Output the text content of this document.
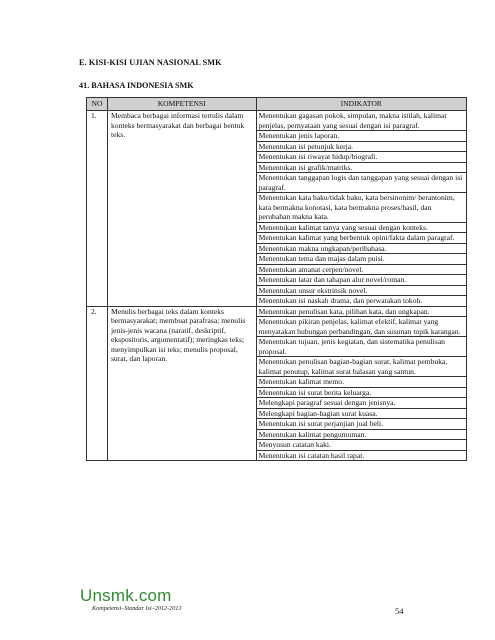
E. KISI-KISI UJIAN NASIONAL SMK
41. BAHASA INDONESIA SMK
NO	KOMPETENSI	INDIKATOR
1.	Membaca berbagai informasi tertulis dalam konteks bermasyarakat dan berbagai bentuk teks.	Menentukan gagasan pokok, simpulan, makna istilah, kalimat penjelas, pernyataan yang sesuai dengan isi paragraf.
		Menentukan jenis laporan.
		Menentukan isi petunjuk kerja.
		Menentukan isi riwayat hidup/biografi.
		Menentukan isi grafik/matriks.
		Menentukan tanggapan logis dan tanggapan yang sesuai dengan isi paragraf.
		Menentukan kata baku/tidak baku, kata bersinonim/ berantonim, kata bermakna konotasi, kata bermakna proses/hasil, dan perubahan makna kata.
		Menentukan kalimat tanya yang sesuai dengan konteks.
		Menentukan kalimat yang berbentuk opini/fakta dalam paragraf.
		Menentukan makna ungkapan/peribahasa.
		Menentukan tema dan majas dalam puisi.
		Menentukan amanat cerpen/novel.
		Menentukan latar dan tahapan alur novel/roman.
		Menentukan unsur ekstrinsik novel.
		Menentukan isi naskah drama, dan perwatakan tokoh.
2.	Menulis berbagai teks dalam konteks bermasyarakat; membuat parafrasa; menulis jenis-jenis wacana (naratif, deskriptif, ekspositoris, argumentatif); meringkas teks; menyimpulkan isi teks; menulis proposal, surat, dan laporan.	Menentukan penulisan kata, pilihan kata, dan ungkapan.
		Menentukan pikiran penjelas, kalimat efektif, kalimat yang menyatakan hubungan perbandingan, dan susunan topik karangan.
		Menentukan tujuan, jenis kegiatan, dan sistematika penulisan proposal.
		Menentukan penulisan bagian-bagian surat, kalimat pembuka, kalimat penutup, kalimat surat balasan yang santun.
		Menentukan kalimat memo.
		Menentukan isi surat berita keluarga.
		Melengkapi paragraf sesuai dengan jenisnya.
		Melengkapi bagian-bagian surat kuasa.
		Menentukan isi surat perjanjian jual beli.
		Menentukan kalimat pengumuman.
		Menyusun catatan kaki.
		Menentukan isi catatan hasil rapat.
Unsmk.com
Kompetensi–Standar Isi–2012-2013	54
